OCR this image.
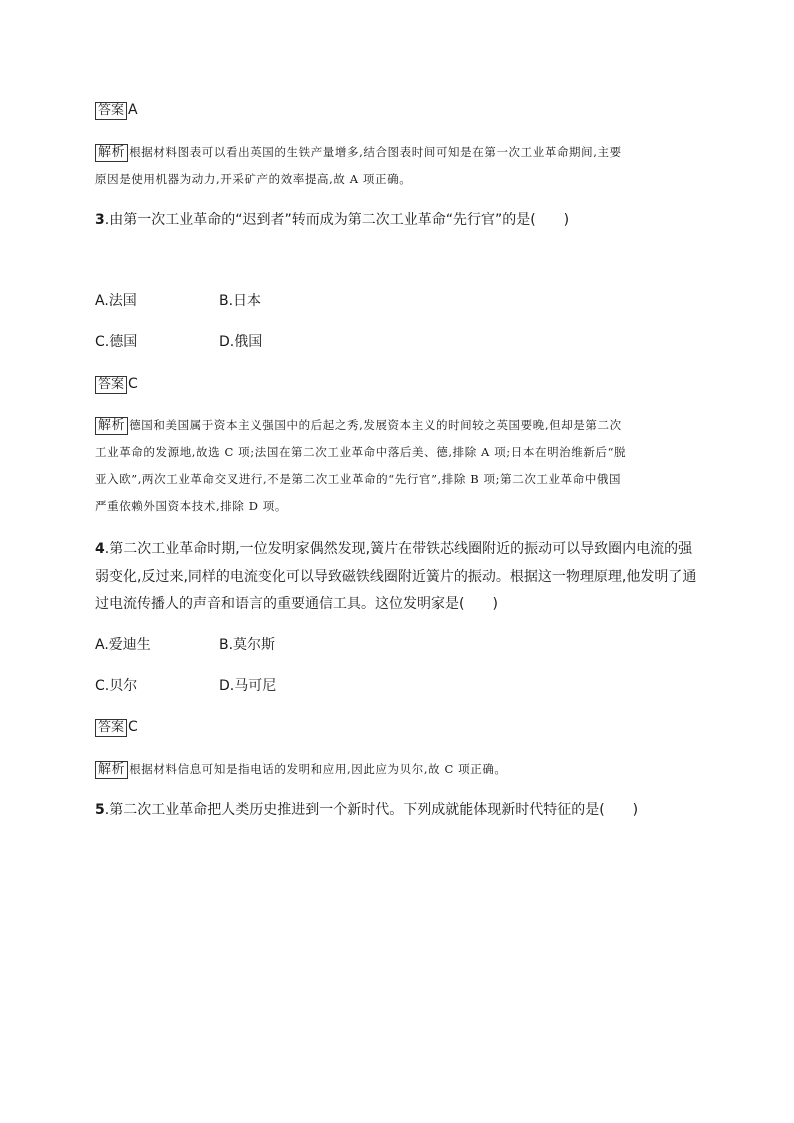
答案 A
解析 根据材料图表可以看出英国的生铁产量增多,结合图表时间可知是在第一次工业革命期间,主要
原因是使用机器为动力,开采矿产的效率提高,故 A 项正确。
3.由第一次工业革命的“迟到者”转而成为第二次工业革命“先行官”的是(　　)
A.法国	B.日本
C.德国	D.俄国
答案 C
解析 德国和美国属于资本主义强国中的后起之秀,发展资本主义的时间较之英国要晚,但却是第二次
工业革命的发源地,故选 C 项;法国在第二次工业革命中落后美、德,排除 A 项;日本在明治维新后“脱
亚入欧”,两次工业革命交叉进行,不是第二次工业革命的“先行官”,排除 B 项;第二次工业革命中俄国
严重依赖外国资本技术,排除 D 项。
4.第二次工业革命时期,一位发明家偶然发现,簧片在带铁芯线圈附近的振动可以导致圈内电流的强
弱变化,反过来,同样的电流变化可以导致磁铁线圈附近簧片的振动。根据这一物理原理,他发明了通
过电流传播人的声音和语言的重要通信工具。这位发明家是(　　)
A.爱迪生	B.莫尔斯
C.贝尔	D.马可尼
答案 C
解析 根据材料信息可知是指电话的发明和应用,因此应为贝尔,故 C 项正确。
5.第二次工业革命把人类历史推进到一个新时代。下列成就能体现新时代特征的是(　　)
